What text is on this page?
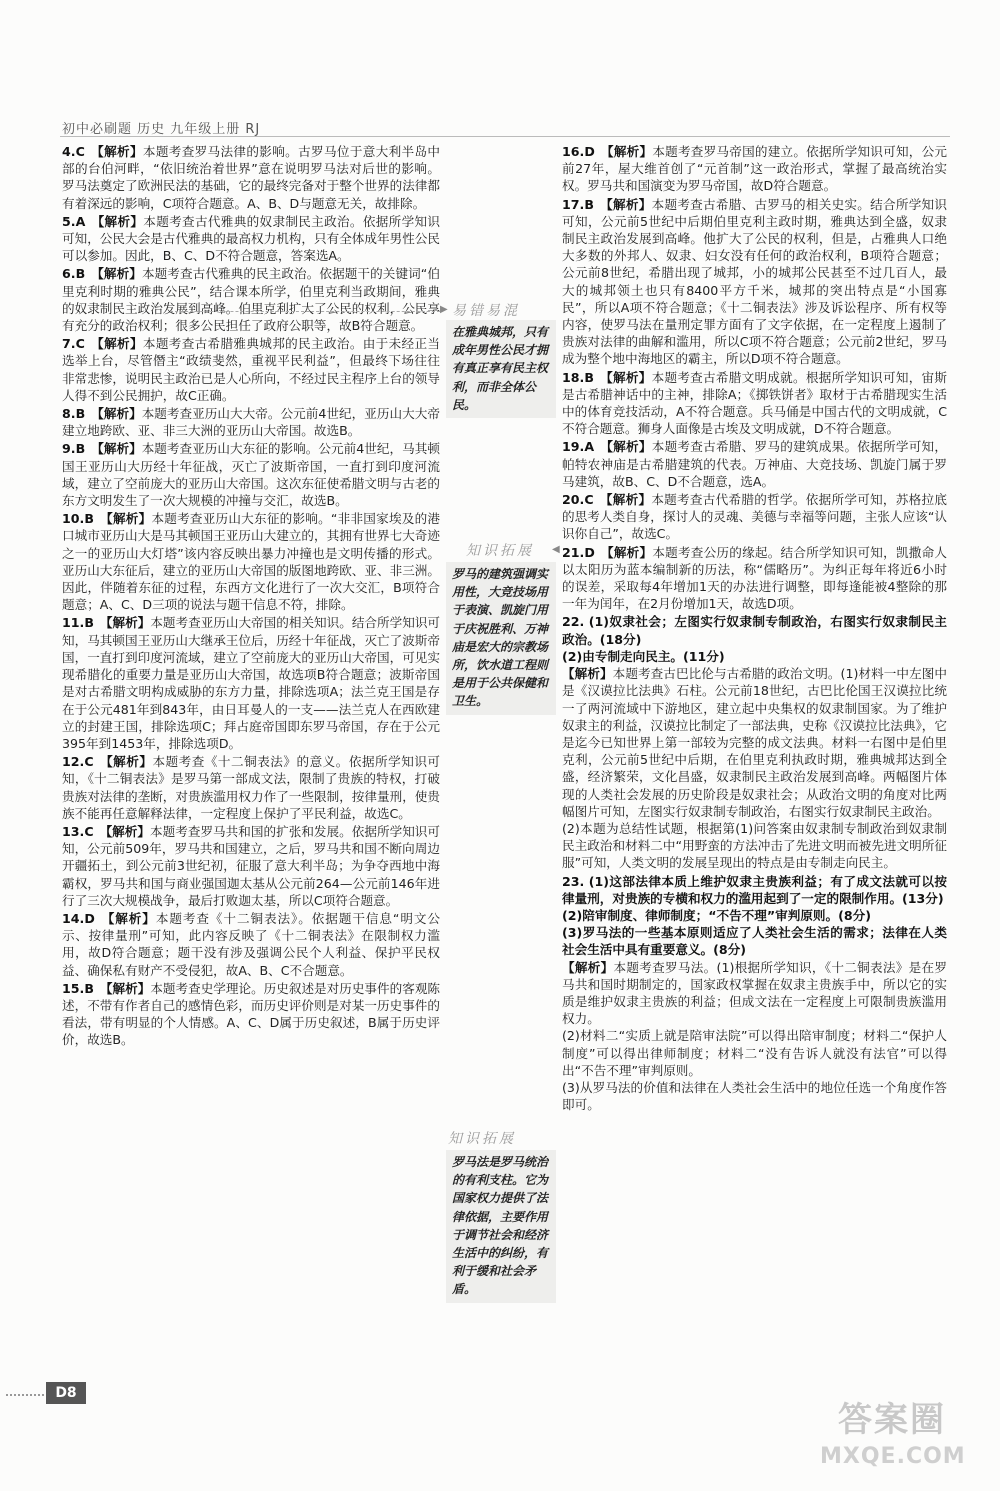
初中必刷题 历史 九年级上册 RJ
4.C 【解析】本题考查罗马法律的影响。古罗马位于意大利半岛中部的台伯河畔，“依旧统治着世界”意在说明罗马法对后世的影响。罗马法奠定了欧洲民法的基础，它的最终完备对于整个世界的法律都有着深远的影响，C项符合题意。A、B、D与题意无关，故排除。
5.A 【解析】本题考查古代雅典的奴隶制民主政治。依据所学知识可知，公民大会是古代雅典的最高权力机构，只有全体成年男性公民可以参加。因此，B、C、D不符合题意，答案选A。
6.B 【解析】本题考查古代雅典的民主政治。依据题干的关键词“伯里克利时期的雅典公民”，结合课本所学，伯里克利当政期间，雅典的奴隶制民主政治发展到高峰。伯里克利扩大了公民的权利，公民享有充分的政治权利；很多公民担任了政府公职等，故B符合题意。
7.C 【解析】本题考查古希腊雅典城邦的民主政治。由于未经正当选举上台，尽管僭主“政绩斐然，重视平民利益”，但最终下场往往非常悲惨，说明民主政治已是人心所向，不经过民主程序上台的领导人得不到公民拥护，故C正确。
8.B 【解析】本题考查亚历山大大帝。公元前4世纪，亚历山大大帝建立地跨欧、亚、非三大洲的亚历山大帝国。故选B。
9.B 【解析】本题考查亚历山大东征的影响。公元前4世纪，马其顿国王亚历山大历经十年征战，灭亡了波斯帝国，一直打到印度河流域，建立了空前庞大的亚历山大帝国。这次东征使希腊文明与古老的东方文明发生了一次大规模的冲撞与交汇，故选B。
10.B 【解析】本题考查亚历山大东征的影响。“非非国家埃及的港口城市亚历山大是马其顿国王亚历山大建立的，其拥有世界七大奇迹之一的亚历山大灯塔”该内容反映出暴力冲撞也是文明传播的形式。亚历山大东征后，建立的亚历山大帝国的版图地跨欧、亚、非三洲。因此，伴随着东征的过程，东西方文化进行了一次大交汇，B项符合题意；A、C、D三项的说法与题干信息不符，排除。
11.B 【解析】本题考查亚历山大帝国的相关知识。结合所学知识可知，马其顿国王亚历山大继承王位后，历经十年征战，灭亡了波斯帝国，一直打到印度河流域，建立了空前庞大的亚历山大帝国，可见实现希腊化的重要力量是亚历山大帝国，故选项B符合题意；波斯帝国是对古希腊文明构成威胁的东方力量，排除选项A；法兰克王国是存在于公元481年到843年，由日耳曼人的一支——法兰克人在西欧建立的封建王国，排除选项C；拜占庭帝国即东罗马帝国，存在于公元395年到1453年，排除选项D。
12.C 【解析】本题考查《十二铜表法》的意义。依据所学知识可知，《十二铜表法》是罗马第一部成文法，限制了贵族的特权，打破贵族对法律的垄断，对贵族滥用权力作了一些限制，按律量刑，使贵族不能再任意解释法律，一定程度上保护了平民利益，故选C。
13.C 【解析】本题考查罗马共和国的扩张和发展。依据所学知识可知，公元前509年，罗马共和国建立，之后，罗马共和国不断向周边开疆拓土，到公元前3世纪初，征服了意大利半岛；为争夺西地中海霸权，罗马共和国与商业强国迦太基从公元前264—公元前146年进行了三次大规模战争，最后打败迦太基，所以C项符合题意。
14.D 【解析】本题考查《十二铜表法》。依据题干信息“明文公示、按律量刑”可知，此内容反映了《十二铜表法》在限制权力滥用，故D符合题意；题干没有涉及强调公民个人利益、保护平民权益、确保私有财产不受侵犯，故A、B、C不合题意。
15.B 【解析】本题考查史学理论。历史叙述是对历史事件的客观陈述，不带有作者自己的感情色彩，而历史评价则是对某一历史事件的看法，带有明显的个人情感。A、C、D属于历史叙述，B属于历史评价，故选B。
16.D 【解析】本题考查罗马帝国的建立。依据所学知识可知，公元前27年，屋大维首创了“元首制”这一政治形式，掌握了最高统治实权。罗马共和国演变为罗马帝国，故D符合题意。
17.B 【解析】本题考查古希腊、古罗马的相关史实。结合所学知识可知，公元前5世纪中后期伯里克利主政时期，雅典达到全盛，奴隶制民主政治发展到高峰。他扩大了公民的权利，但是，占雅典人口绝大多数的外邦人、奴隶、妇女没有任何的政治权利，B项符合题意；公元前8世纪，希腊出现了城邦，小的城邦公民甚至不过几百人，最大的城邦领土也只有8400平方千米，城邦的突出特点是“小国寡民”，所以A项不符合题意；《十二铜表法》涉及诉讼程序、所有权等内容，使罗马法在量刑定罪方面有了文字依据，在一定程度上遏制了贵族对法律的曲解和滥用，所以C项不符合题意；公元前2世纪，罗马成为整个地中海地区的霸主，所以D项不符合题意。
18.B 【解析】本题考查古希腊文明成就。根据所学知识可知，宙斯是古希腊神话中的主神，排除A；《掷铁饼者》取材于古希腊现实生活中的体育竞技活动，A不符合题意。兵马俑是中国古代的文明成就，C不符合题意。狮身人面像是古埃及文明成就，D不符合题意。
19.A 【解析】本题考查古希腊、罗马的建筑成果。依据所学可知，帕特农神庙是古希腊建筑的代表。万神庙、大竞技场、凯旋门属于罗马建筑，故B、C、D不合题意，选A。
20.C 【解析】本题考查古代希腊的哲学。依据所学可知，苏格拉底的思考人类自身，探讨人的灵魂、美德与幸福等问题，主张人应该“认识你自己”，故选C。
21.D 【解析】本题考查公历的缘起。结合所学知识可知，凯撒命人以太阳历为蓝本编制新的历法，称“儒略历”。为纠正每年将近6小时的误差，采取每4年增加1天的办法进行调整，即每逢能被4整除的那一年为闰年，在2月份增加1天，故选D项。
22. (1)奴隶社会；左图实行奴隶制专制政治，右图实行奴隶制民主政治。(18分)
(2)由专制走向民主。(11分)
【解析】本题考查古巴比伦与古希腊的政治文明。(1)材料一中左图中是《汉谟拉比法典》石柱。公元前18世纪，古巴比伦国王汉谟拉比统一了两河流域中下游地区，建立起中央集权的奴隶制国家。为了维护奴隶主的利益，汉谟拉比制定了一部法典，史称《汉谟拉比法典》，它是迄今已知世界上第一部较为完整的成文法典。材料一右图中是伯里克利，公元前5世纪中后期，在伯里克利执政时期，雅典城邦达到全盛，经济繁荣，文化昌盛，奴隶制民主政治发展到高峰。两幅图片体现的人类社会发展的历史阶段是奴隶社会；从政治文明的角度对比两幅图片可知，左图实行奴隶制专制政治，右图实行奴隶制民主政治。
(2)本题为总结性试题，根据第(1)问答案由奴隶制专制政治到奴隶制民主政治和材料二中“用野蛮的方法冲击了先进文明而被先进文明所征服”可知，人类文明的发展呈现出的特点是由专制走向民主。
23. (1)这部法律本质上维护奴隶主贵族利益；有了成文法就可以按律量刑，对贵族的专横和权力的滥用起到了一定的限制作用。(13分)
(2)陪审制度、律师制度；“不告不理”审判原则。(8分)
(3)罗马法的一些基本原则适应了人类社会生活的需求；法律在人类社会生活中具有重要意义。(8分)
【解析】本题考查罗马法。(1)根据所学知识，《十二铜表法》是在罗马共和国时期制定的，国家政权掌握在奴隶主贵族手中，所以它的实质是维护奴隶主贵族的利益；但成文法在一定程度上可限制贵族滥用权力。
(2)材料二“实质上就是陪审法院”可以得出陪审制度；材料二“保护人制度”可以得出律师制度；材料二“没有告诉人就没有法官”可以得出“不告不理”审判原则。
(3)从罗马法的价值和法律在人类社会生活中的地位任选一个角度作答即可。
▶ 易错易混
在雅典城邦，只有成年男性公民才拥有真正享有民主权利，而非全体公民。
知识拓展 ◀
罗马的建筑强调实用性，大竞技场用于表演、凯旋门用于庆祝胜利、万神庙是宏大的宗教场所，饮水道工程则是用于公共保健和卫生。
知识拓展
罗马法是罗马统治的有利支柱。它为国家权力提供了法律依据，主要作用于调节社会和经济生活中的纠纷，有利于缓和社会矛盾。
D8
答案圈
MXQE.COM
